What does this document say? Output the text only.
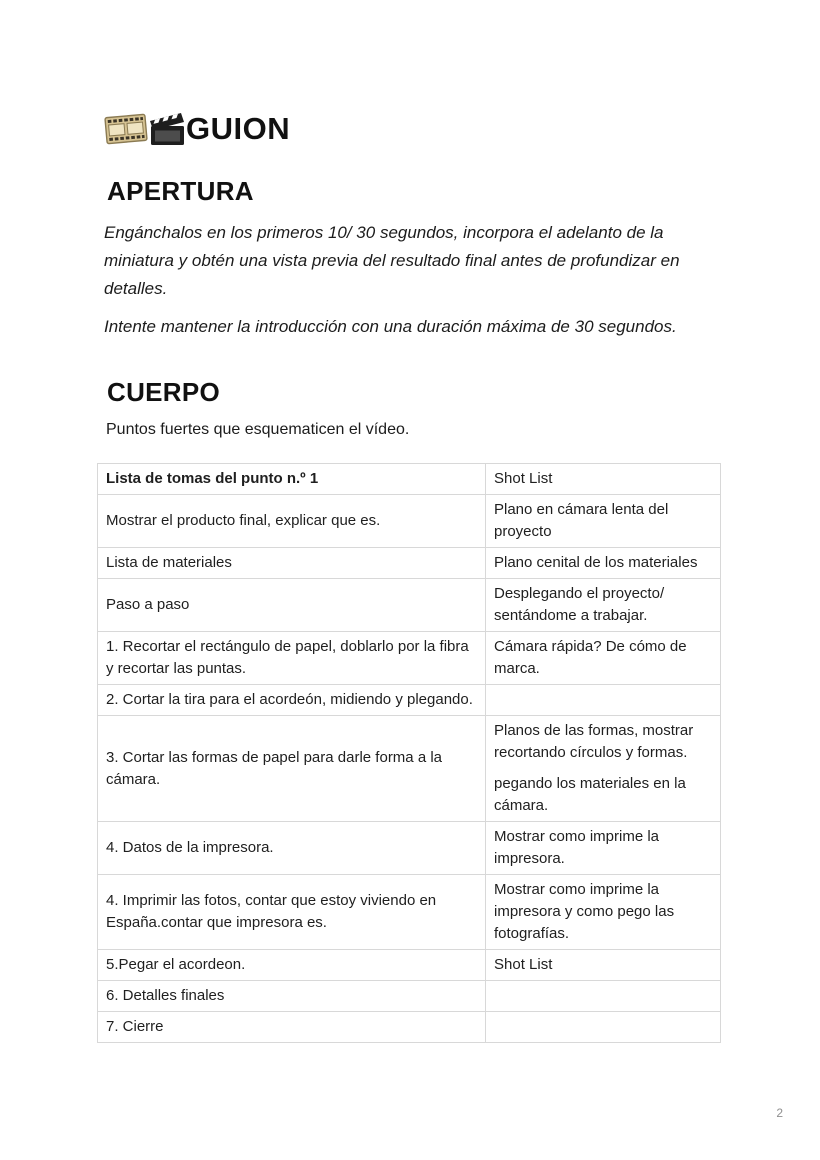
GUION
APERTURA

Engánchalos en los primeros 10/ 30 segundos, incorpora el adelanto de la miniatura y obtén una vista previa del resultado final antes de profundizar en detalles.

Intente mantener la introducción con una duración máxima de 30 segundos.

CUERPO

Puntos fuertes que esquematicen el vídeo.

Lista de tomas del punto n.º 1	Shot List

Mostrar el producto final, explicar que es.	Plano en cámara lenta del proyecto

Lista de materiales	Plano cenital de los materiales

Paso a paso	Desplegando el proyecto/ sentándome a trabajar.

1. Recortar el rectángulo de papel, doblarlo por la fibra y recortar las puntas.	Cámara rápida? De cómo de marca.

2. Cortar la tira para el acordeón, midiendo y plegando.	

3. Cortar las formas de papel para darle forma a la cámara.	Planos de las formas, mostrar recortando círculos y formas.
pegando los materiales en la cámara.

4. Datos de la impresora.	Mostrar como imprime la impresora.

4. Imprimir las fotos, contar que estoy viviendo en España.contar que impresora es.	Mostrar como imprime la impresora y como pego las fotografías.

5.Pegar el acordeon.	Shot List

6. Detalles finales	

7. Cierre	

2
